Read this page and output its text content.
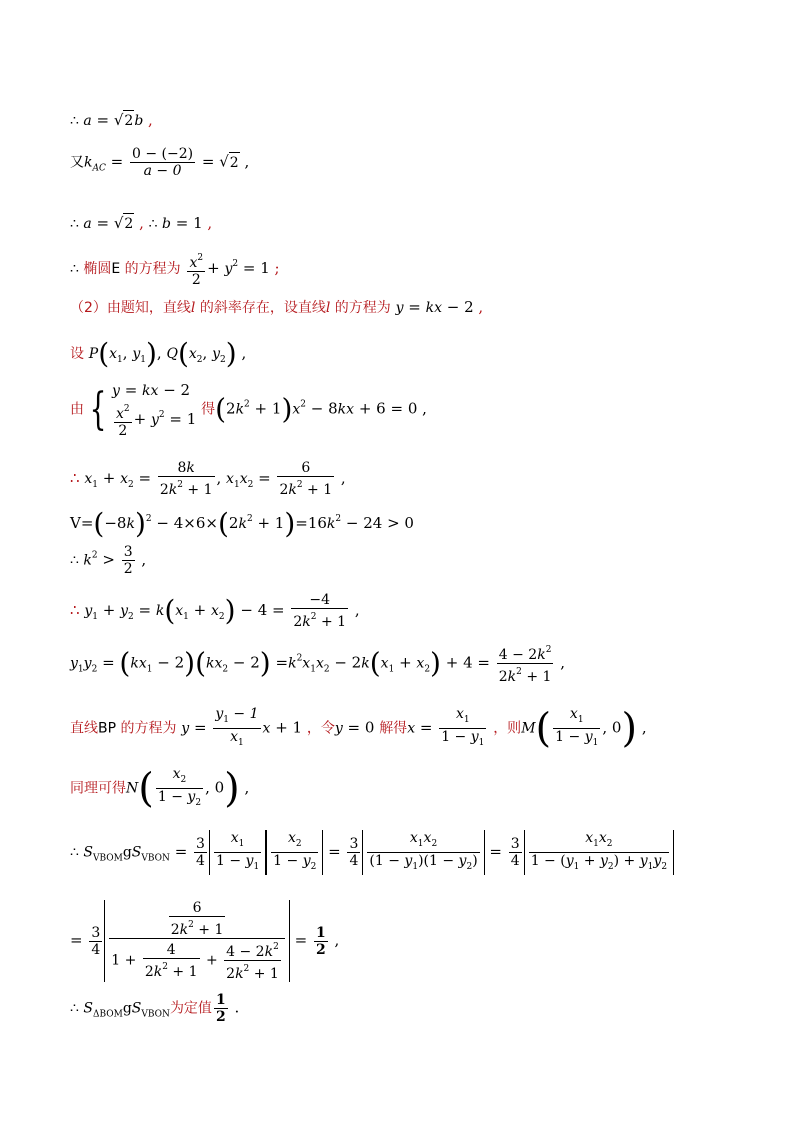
∴ a = √2b ,
又$k_{AC} = \frac{0 - (-2)}{a - 0} = √2$ ,
∴ a = √2 , ∴ b = 1 ,
∴ 椭圆E 的方程为 $\frac{x^2}{2} + y^2 = 1$ ;
（2）由题知，直线l 的斜率存在，设直线l 的方程为 y = kx − 2 ,
设 $P(x_1$, $y_1$), $Q(x_2$, $y_2$) ,
由 { y = kx − 2
$\frac{x^2}{2} + y^2 = 1$
得$(2k^2 + 1)x^2 - 8kx + 6 = 0$ ,
∴ $x_1 + x_2 = \frac{8k}{2k^2 + 1}$ , $x_1x_2 = \frac{6}{2k^2 + 1}$ ,
$V=(-8k)^2 - 4\times 6\times(2k^2 + 1)=16k^2 - 24 > 0$
∴ $k^2 > \frac{3}{2}$ ,
∴ $y_1 + y_2 = k(x_1 + x_2) - 4 = \frac{-4}{2k^2 + 1}$ ,
$y_1y_2 = (kx_1 - 2)(kx_2 - 2) =k^2x_1x_2 - 2k(x_1 + x_2) + 4 = \frac{4 - 2k^2}{2k^2 + 1}$ ,
直线BP 的方程为 $y = \frac{y_1 - 1}{x_1}$ x + 1 ，令y = 0 解得$x = \frac{x_1}{1 - y_1}$ ，则$M( \frac{x_1}{1 - y_1}$ , 0) ,
同理可得$N( \frac{x_2}{1 - y_2}$ , 0) ,
∴ $S_{VBOM}gS_{VBON} = \frac{3}{4} \frac{x_1}{1 - y_1} \frac{x_2}{1 - y_2} = \frac{3}{4} \frac{x_1x_2}{(1 - y_1)(1 - y_2)} = \frac{3}{4} \frac{x_1x_2}{1 - (y_1 + y_2) + y_1y_2}$
= $\frac{3}{4} \frac{\frac{6}{2k^2 + 1}}{1 + \frac{4}{2k^2 + 1} + \frac{4 - 2k^2}{2k^2 + 1}} = \frac{1}{2}$ ,
∴ $S_{\Delta BOM}gS_{VBON}$为定值 $\frac{1}{2}$ .
